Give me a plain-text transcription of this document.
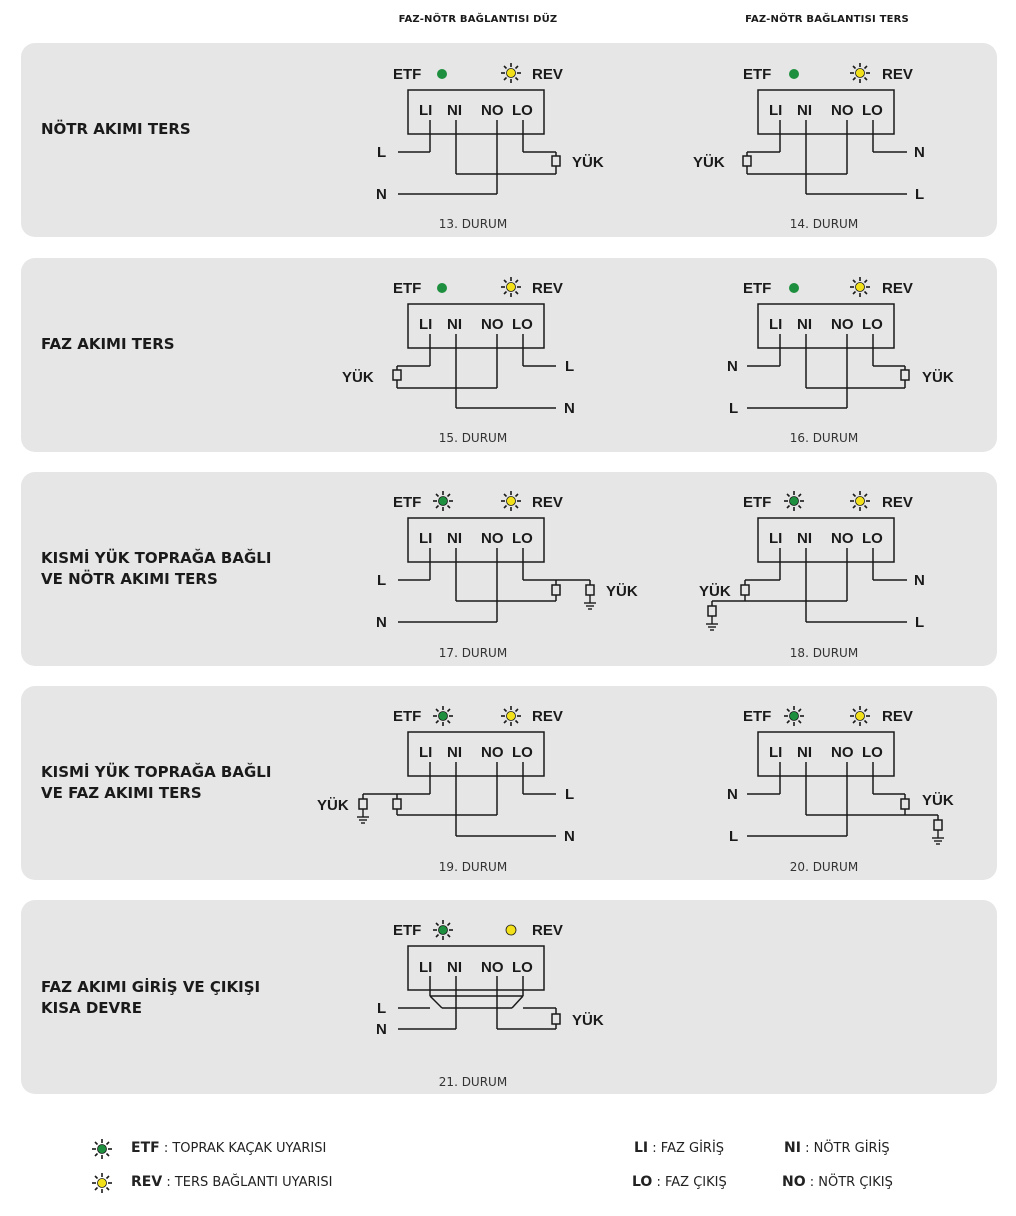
FAZ-NÖTR BAĞLANTISI DÜZ	FAZ-NÖTR BAĞLANTISI TERS
NÖTR AKIMI TERS
FAZ AKIMI TERS
KISMİ YÜK TOPRAĞA BAĞLI
VE NÖTR AKIMI TERS
KISMİ YÜK TOPRAĞA BAĞLI
VE FAZ AKIMI TERS
FAZ AKIMI GİRİŞ VE ÇIKIŞI
KISA DEVRE
13. DURUM	14. DURUM
15. DURUM	16. DURUM
17. DURUM	18. DURUM
19. DURUM	20. DURUM
21. DURUM
ETF	REV	ETF	REV
ETF	REV	ETF	REV
ETF	REV	ETF	REV
ETF	REV	ETF	REV
ETF	REV
LI NI NO LO	LI NI NO LO
LI NI NO LO	LI NI NO LO
LI NI NO LO	LI NI NO LO
LI NI NO LO	LI NI NO LO
LI NI NO LO
L
N
YÜK	YÜK
N
L
YÜK
L
N
N
L
YÜK
L
N
YÜK	YÜK
N
L
YÜK
L
N
N
L
YÜK
L
N
YÜK
ETF : TOPRAK KAÇAK UYARISI
REV : TERS BAĞLANTI UYARISI
LI : FAZ GİRİŞ	NI : NÖTR GİRİŞ
LO : FAZ ÇIKIŞ	NO : NÖTR ÇIKIŞ
